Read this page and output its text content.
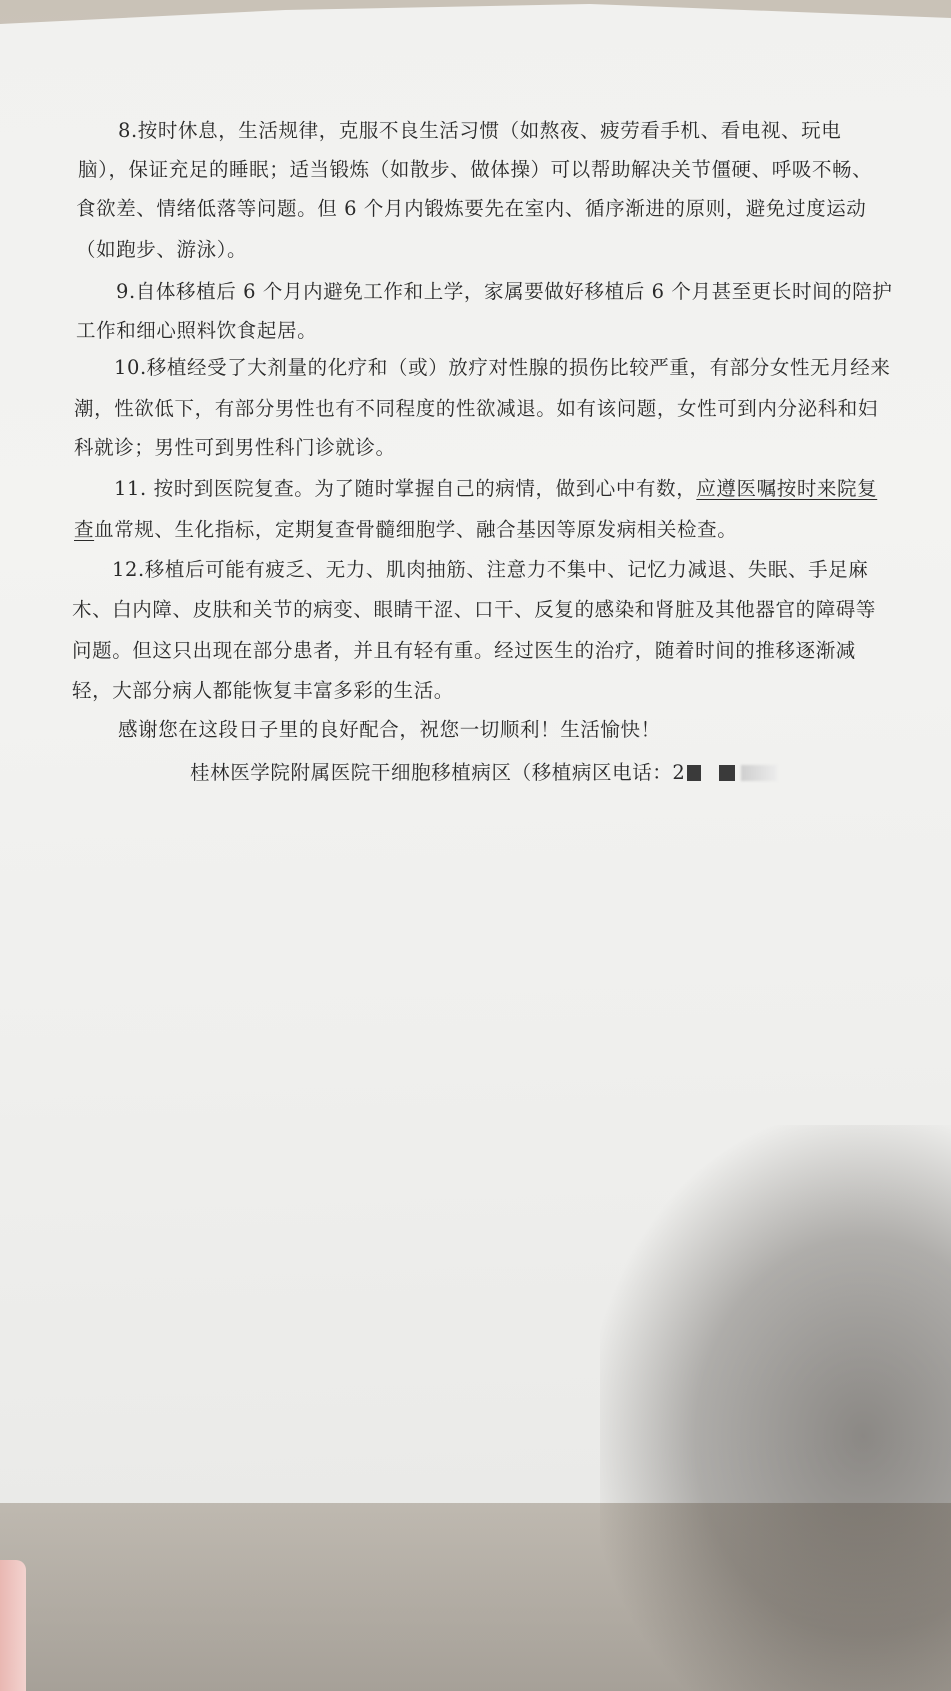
8.按时休息，生活规律，克服不良生活习惯（如熬夜、疲劳看手机、看电视、玩电
脑），保证充足的睡眠；适当锻炼（如散步、做体操）可以帮助解决关节僵硬、呼吸不畅、
食欲差、情绪低落等问题。但 6 个月内锻炼要先在室内、循序渐进的原则，避免过度运动
（如跑步、游泳）。
9.自体移植后 6 个月内避免工作和上学，家属要做好移植后 6 个月甚至更长时间的陪护
工作和细心照料饮食起居。
10.移植经受了大剂量的化疗和（或）放疗对性腺的损伤比较严重，有部分女性无月经来
潮，性欲低下，有部分男性也有不同程度的性欲减退。如有该问题，女性可到内分泌科和妇
科就诊；男性可到男性科门诊就诊。
11. 按时到医院复查。为了随时掌握自己的病情，做到心中有数，应遵医嘱按时来院复
查血常规、生化指标，定期复查骨髓细胞学、融合基因等原发病相关检查。
12.移植后可能有疲乏、无力、肌肉抽筋、注意力不集中、记忆力减退、失眠、手足麻
木、白内障、皮肤和关节的病变、眼睛干涩、口干、反复的感染和肾脏及其他器官的障碍等
问题。但这只出现在部分患者，并且有轻有重。经过医生的治疗，随着时间的推移逐渐减
轻，大部分病人都能恢复丰富多彩的生活。
感谢您在这段日子里的良好配合，祝您一切顺利！生活愉快！
桂林医学院附属医院干细胞移植病区（移植病区电话：2
